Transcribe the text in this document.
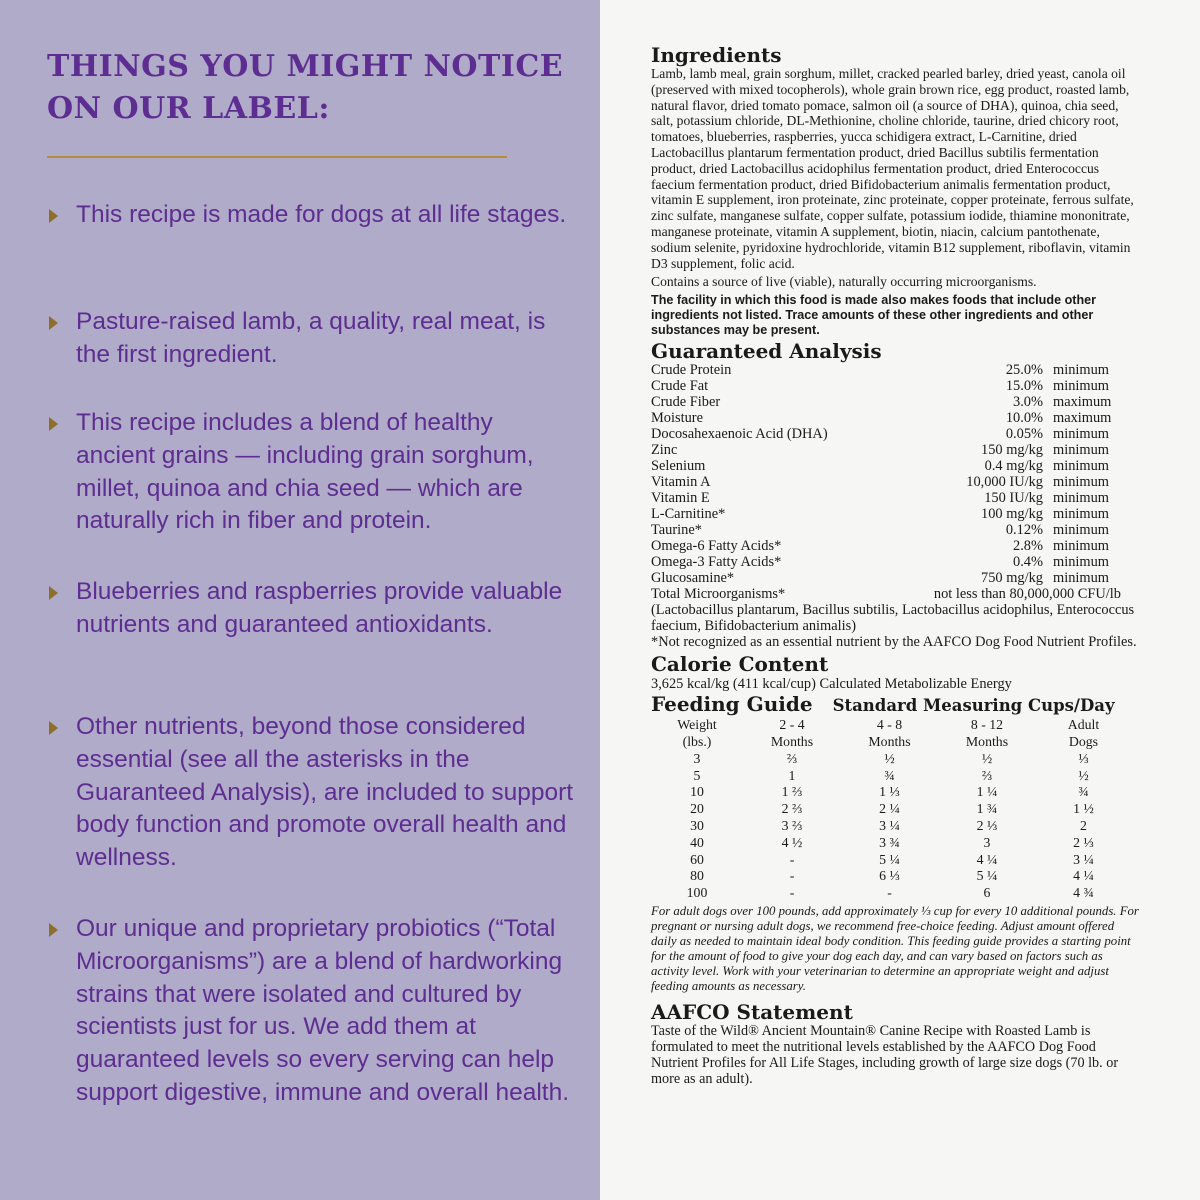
THINGS YOU MIGHT NOTICE ON OUR LABEL:
This recipe is made for dogs at all life stages.
Pasture-raised lamb, a quality, real meat, is the first ingredient.
This recipe includes a blend of healthy ancient grains — including grain sorghum, millet, quinoa and chia seed — which are naturally rich in fiber and protein.
Blueberries and raspberries provide valuable nutrients and guaranteed antioxidants.
Other nutrients, beyond those considered essential (see all the asterisks in the Guaranteed Analysis), are included to support body function and promote overall health and wellness.
Our unique and proprietary probiotics (“Total Microorganisms”) are a blend of hardworking strains that were isolated and cultured by scientists just for us. We add them at guaranteed levels so every serving can help support digestive, immune and overall health.
Ingredients
Lamb, lamb meal, grain sorghum, millet, cracked pearled barley, dried yeast, canola oil (preserved with mixed tocopherols), whole grain brown rice, egg product, roasted lamb, natural flavor, dried tomato pomace, salmon oil (a source of DHA), quinoa, chia seed, salt, potassium chloride, DL-Methionine, choline chloride, taurine, dried chicory root, tomatoes, blueberries, raspberries, yucca schidigera extract, L-Carnitine, dried Lactobacillus plantarum fermentation product, dried Bacillus subtilis fermentation product, dried Lactobacillus acidophilus fermentation product, dried Enterococcus faecium fermentation product, dried Bifidobacterium animalis fermentation product, vitamin E supplement, iron proteinate, zinc proteinate, copper proteinate, ferrous sulfate, zinc sulfate, manganese sulfate, copper sulfate, potassium iodide, thiamine mononitrate, manganese proteinate, vitamin A supplement, biotin, niacin, calcium pantothenate, sodium selenite, pyridoxine hydrochloride, vitamin B12 supplement, riboflavin, vitamin D3 supplement, folic acid.
Contains a source of live (viable), naturally occurring microorganisms.
The facility in which this food is made also makes foods that include other ingredients not listed. Trace amounts of these other ingredients and other substances may be present.
Guaranteed Analysis
Crude Protein	25.0% minimum
Crude Fat	15.0% minimum
Crude Fiber	3.0% maximum
Moisture	10.0% maximum
Docosahexaenoic Acid (DHA)	0.05% minimum
Zinc	150 mg/kg minimum
Selenium	0.4 mg/kg minimum
Vitamin A	10,000 IU/kg minimum
Vitamin E	150 IU/kg minimum
L-Carnitine*	100 mg/kg minimum
Taurine*	0.12% minimum
Omega-6 Fatty Acids*	2.8% minimum
Omega-3 Fatty Acids*	0.4% minimum
Glucosamine*	750 mg/kg minimum
Total Microorganisms*	not less than 80,000,000 CFU/lb
(Lactobacillus plantarum, Bacillus subtilis, Lactobacillus acidophilus, Enterococcus faecium, Bifidobacterium animalis)
*Not recognized as an essential nutrient by the AAFCO Dog Food Nutrient Profiles.
Calorie Content
3,625 kcal/kg (411 kcal/cup) Calculated Metabolizable Energy
Feeding Guide Standard Measuring Cups/Day
Weight	2 - 4	4 - 8	8 - 12	Adult
(lbs.)	Months	Months	Months	Dogs
3	⅔	½	½	⅓
5	1	¾	⅔	½
10	1 ⅔	1 ⅓	1 ¼	¾
20	2 ⅔	2 ¼	1 ¾	1 ½
30	3 ⅔	3 ¼	2 ⅓	2
40	4 ½	3 ¾	3	2 ⅓
60	-	5 ¼	4 ¼	3 ¼
80	-	6 ⅓	5 ¼	4 ¼
100	-	-	6	4 ¾
For adult dogs over 100 pounds, add approximately ⅓ cup for every 10 additional pounds. For pregnant or nursing adult dogs, we recommend free-choice feeding. Adjust amount offered daily as needed to maintain ideal body condition. This feeding guide provides a starting point for the amount of food to give your dog each day, and can vary based on factors such as activity level. Work with your veterinarian to determine an appropriate weight and adjust feeding amounts as necessary.
AAFCO Statement
Taste of the Wild® Ancient Mountain® Canine Recipe with Roasted Lamb is formulated to meet the nutritional levels established by the AAFCO Dog Food Nutrient Profiles for All Life Stages, including growth of large size dogs (70 lb. or more as an adult).
